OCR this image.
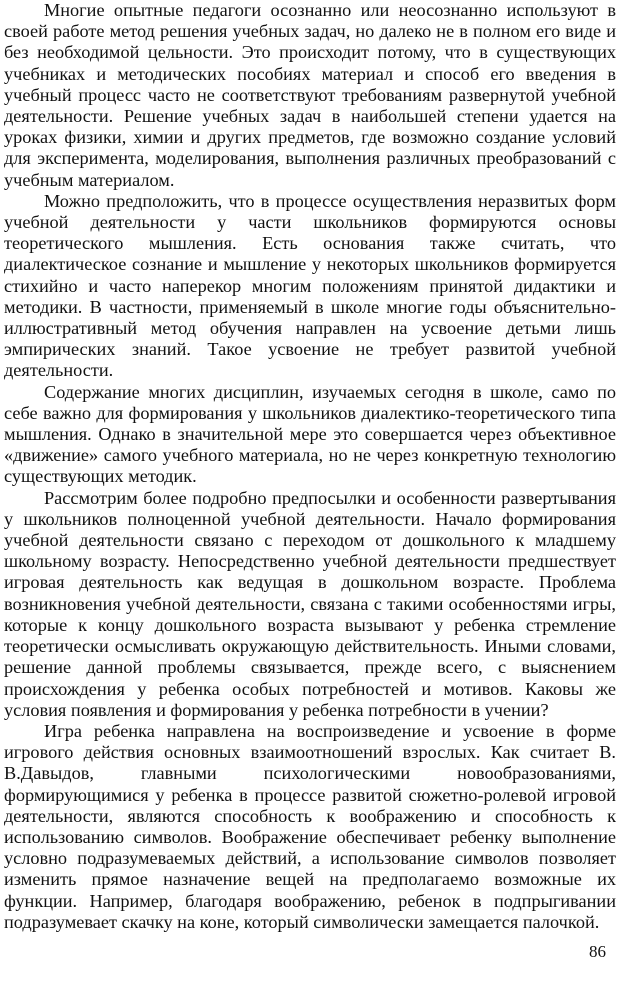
Многие опытные педагоги осознанно или неосознанно используют в своей работе метод решения учебных задач, но далеко не в полном его виде и без необходимой цельности. Это происходит потому, что в существующих учебниках и методических пособиях материал и способ его введения в учебный процесс часто не соответствуют требованиям развернутой учебной деятельности. Решение учебных задач в наибольшей степени удается на уроках физики, химии и других предметов, где возможно создание условий для эксперимента, моделирования, выполнения различных преобразований с учебным материалом.

Можно предположить, что в процессе осуществления неразвитых форм учебной деятельности у части школьников формируются основы теоретического мышления. Есть основания также считать, что диалектическое сознание и мышление у некоторых школьников формируется стихийно и часто наперекор многим положениям принятой дидактики и методики. В частности, применяемый в школе многие годы объяснительно-иллюстративный метод обучения направлен на усвоение детьми лишь эмпирических знаний. Такое усвоение не требует развитой учебной деятельности.

Содержание многих дисциплин, изучаемых сегодня в школе, само по себе важно для формирования у школьников диалектико-теоретического типа мышления. Однако в значительной мере это совершается через объективное «движение» самого учебного материала, но не через конкретную технологию существующих методик.

Рассмотрим более подробно предпосылки и особенности развертывания у школьников полноценной учебной деятельности. Начало формирования учебной деятельности связано с переходом от дошкольного к младшему школьному возрасту. Непосредственно учебной деятельности предшествует игровая деятельность как ведущая в дошкольном возрасте. Проблема возникновения учебной деятельности, связана с такими особенностями игры, которые к концу дошкольного возраста вызывают у ребенка стремление теоретически осмысливать окружающую действительность. Иными словами, решение данной проблемы связывается, прежде всего, с выяснением происхождения у ребенка особых потребностей и мотивов. Каковы же условия появления и формирования у ребенка потребности в учении?

Игра ребенка направлена на воспроизведение и усвоение в форме игрового действия основных взаимоотношений взрослых. Как считает В. В.Давыдов, главными психологическими новообразованиями, формирующимися у ребенка в процессе развитой сюжетно-ролевой игровой деятельности, являются способность к воображению и способность к использованию символов. Воображение обеспечивает ребенку выполнение условно подразумеваемых действий, а использование символов позволяет изменить прямое назначение вещей на предполагаемо возможные их функции. Например, благодаря воображению, ребенок в подпрыгивании подразумевает скачку на коне, который символически замещается палочкой.

86
